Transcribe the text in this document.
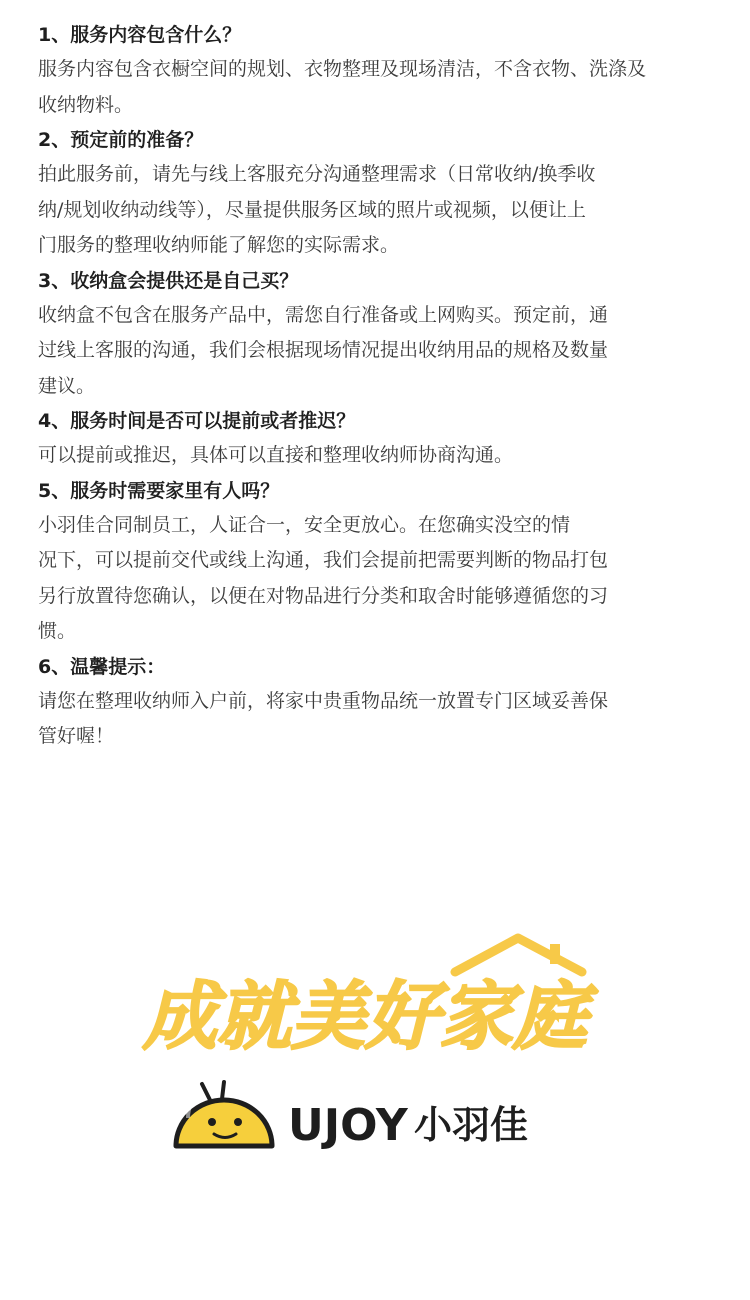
1、服务内容包含什么？

服务内容包含衣橱空间的规划、衣物整理及现场清洁，不含衣物、洗涤及
收纳物料。

2、预定前的准备？

拍此服务前，请先与线上客服充分沟通整理需求（日常收纳/换季收
纳/规划收纳动线等），尽量提供服务区域的照片或视频，以便让上
门服务的整理收纳师能了解您的实际需求。

3、收纳盒会提供还是自己买？

收纳盒不包含在服务产品中，需您自行准备或上网购买。预定前，通
过线上客服的沟通，我们会根据现场情况提出收纳用品的规格及数量
建议。

4、服务时间是否可以提前或者推迟？

可以提前或推迟，具体可以直接和整理收纳师协商沟通。

5、服务时需要家里有人吗？

小羽佳合同制员工，人证合一，安全更放心。在您确实没空的情
况下，可以提前交代或线上沟通，我们会提前把需要判断的物品打包
另行放置待您确认，以便在对物品进行分类和取舍时能够遵循您的习
惯。

6、温馨提示：

请您在整理收纳师入户前，将家中贵重物品统一放置专门区域妥善保
管好喔！

成就美好家庭
UJOY 小羽佳
